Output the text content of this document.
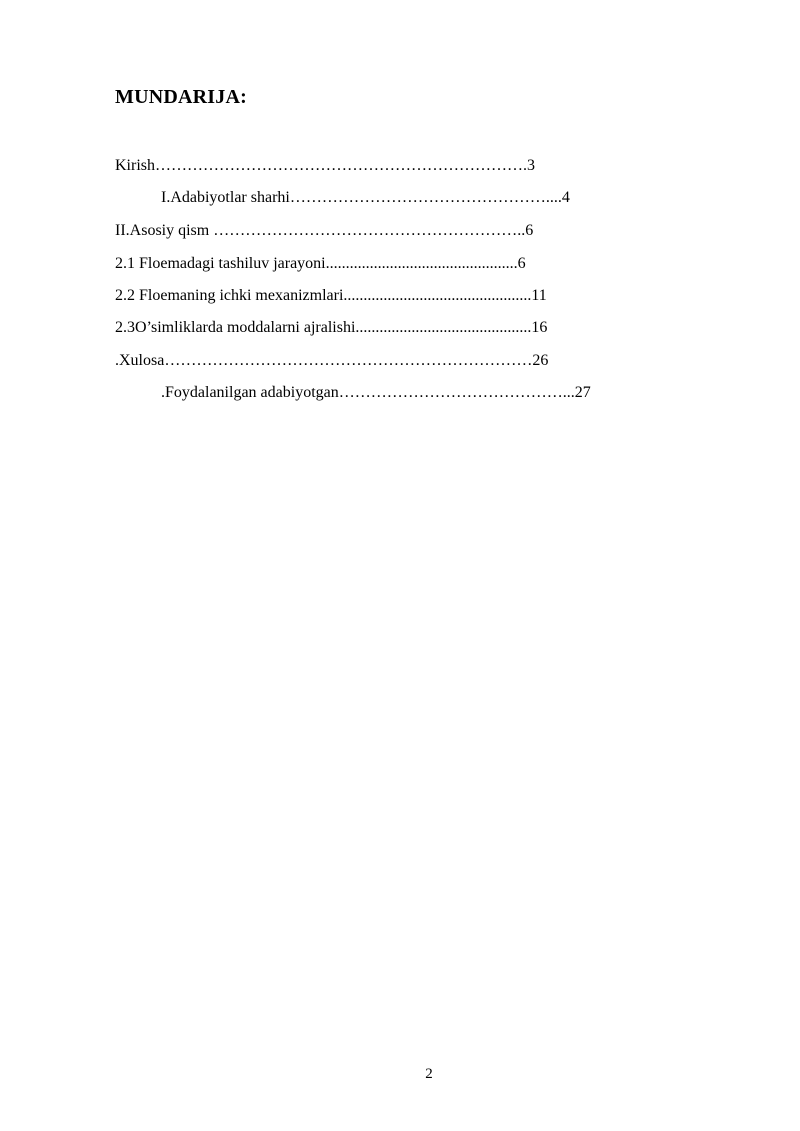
MUNDARIJA:
Kirish…………………………………………………………….3
I.Adabiyotlar sharhi…………………………………………....4
II.Asosiy qism …………………………………………………..6
2.1 Floemadagi tashiluv jarayoni................................................6
2.2 Floemaning ichki mexanizmlari...............................................11
2.3O’simliklarda moddalarni ajralishi............................................16
.Xulosa……………………………………………………………26
.Foydalanilgan adabiyotgan……………………………………...27
2
